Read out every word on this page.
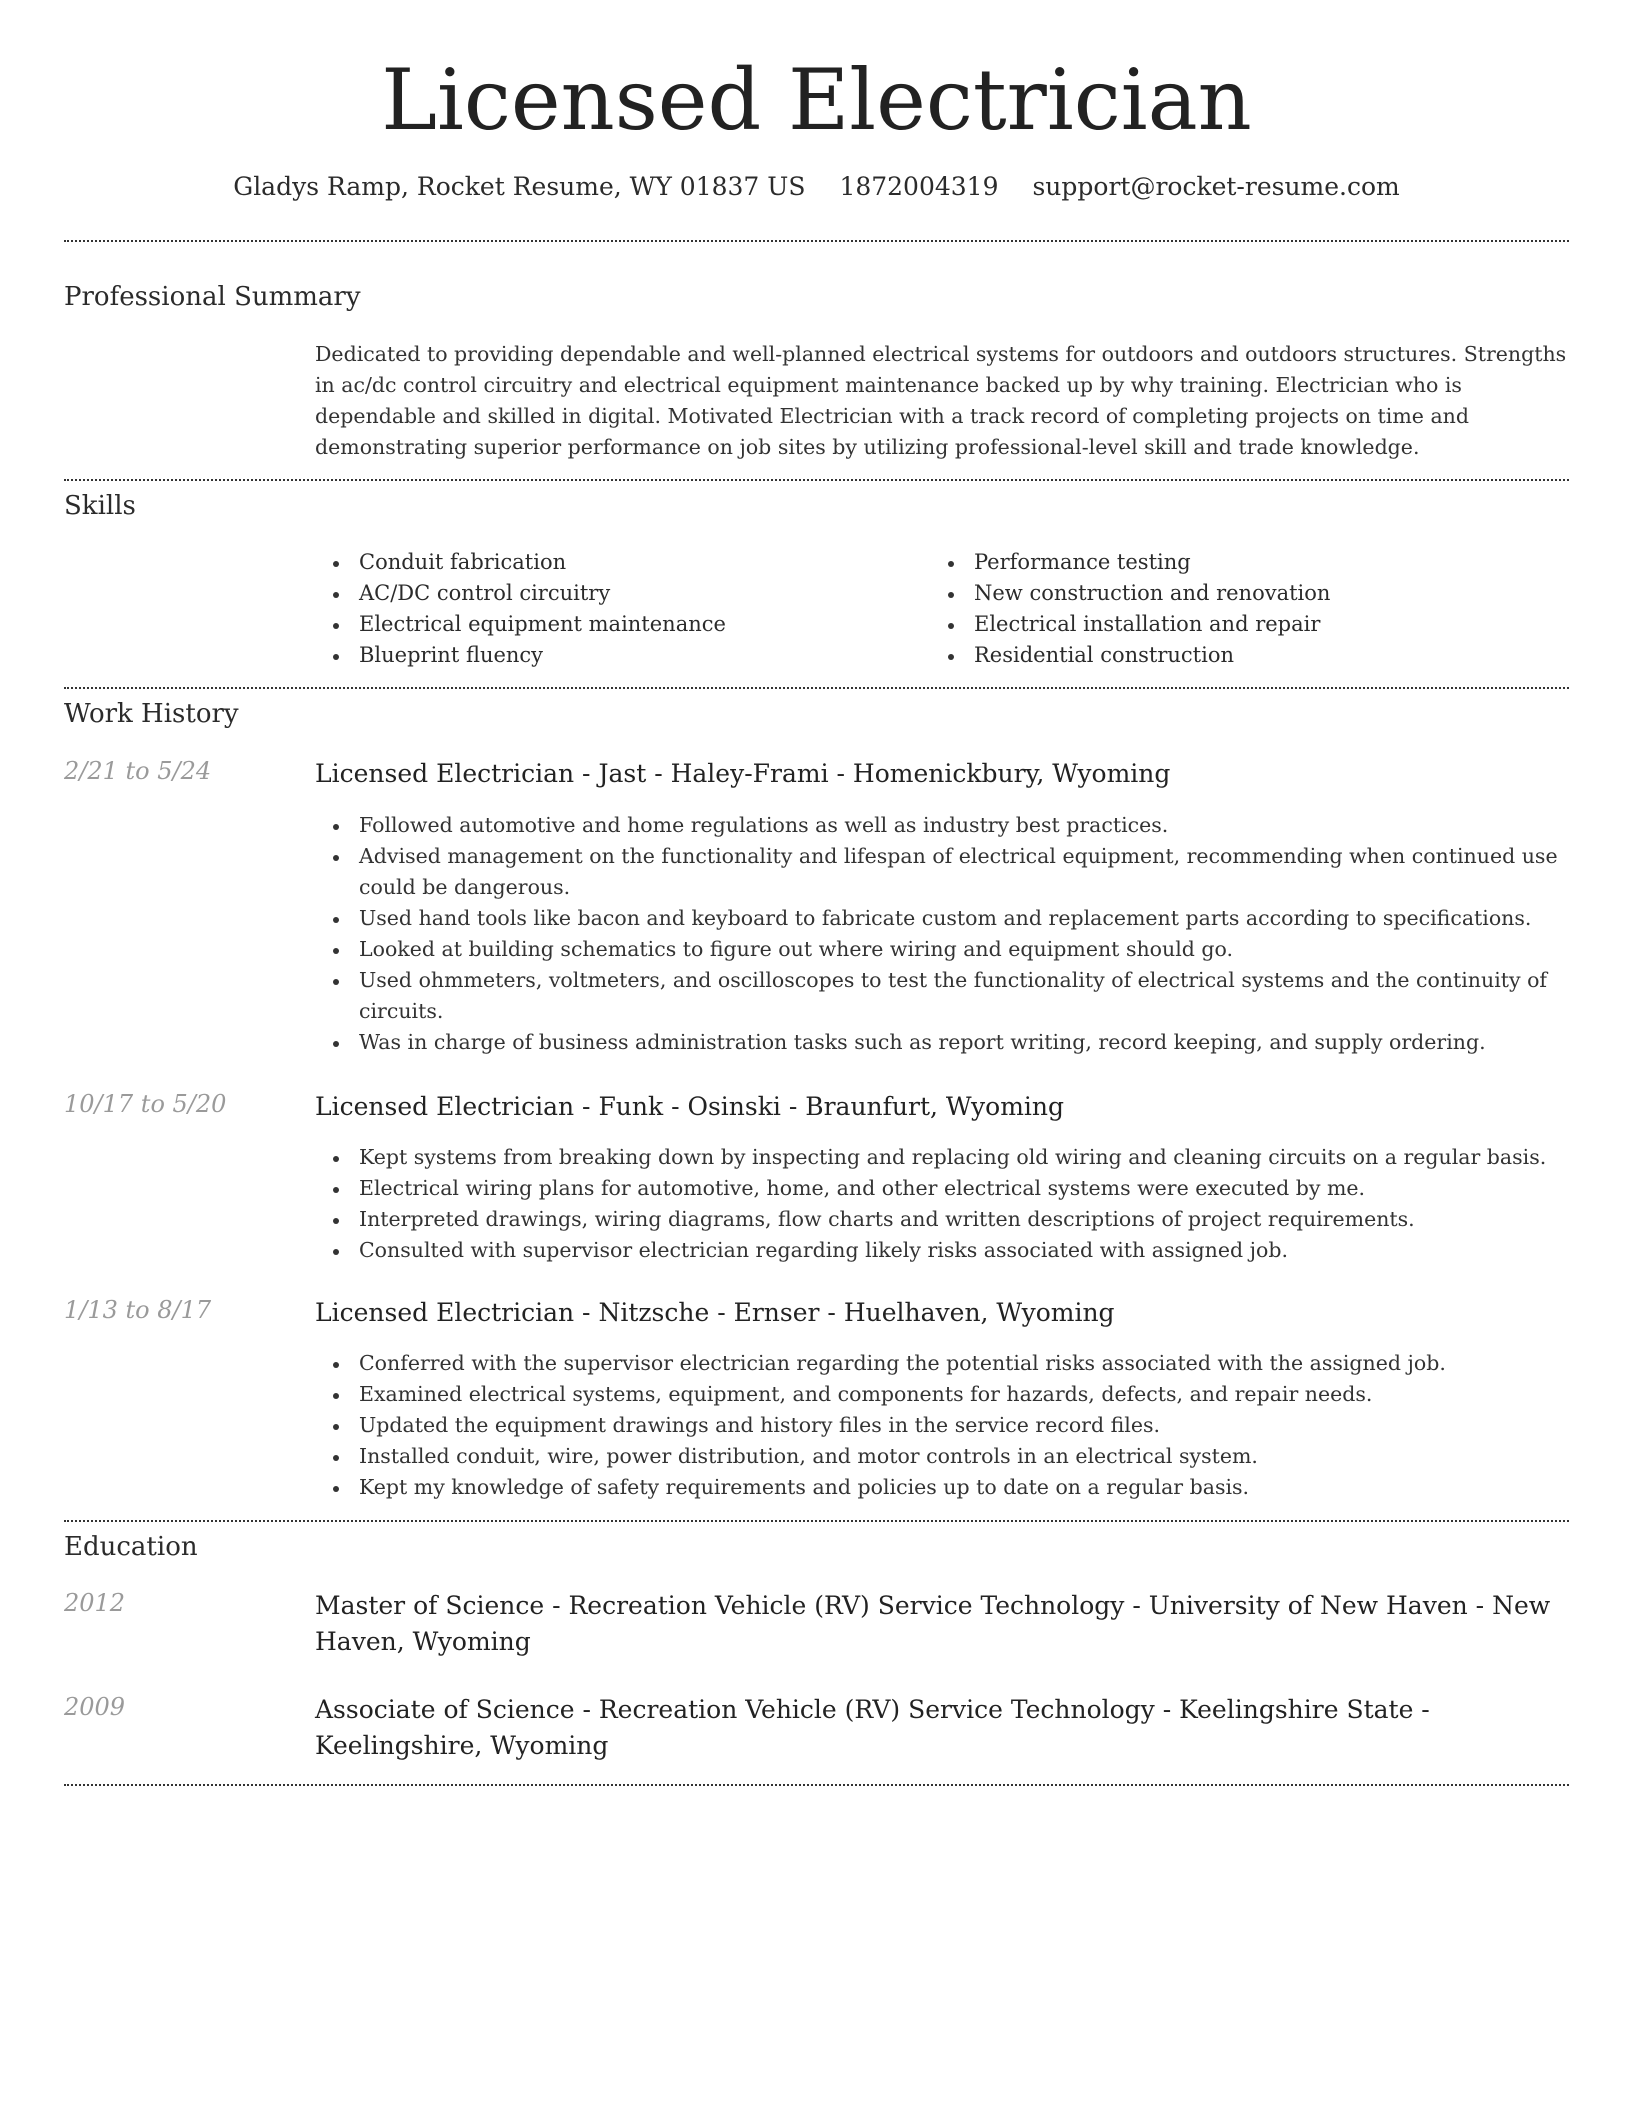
Licensed Electrician
Gladys Ramp, Rocket Resume, WY 01837 US 1872004319 support@rocket-resume.com
Professional Summary
Dedicated to providing dependable and well-planned electrical systems for outdoors and outdoors structures. Strengths in ac/dc control circuitry and electrical equipment maintenance backed up by why training. Electrician who is dependable and skilled in digital. Motivated Electrician with a track record of completing projects on time and demonstrating superior performance on job sites by utilizing professional-level skill and trade knowledge.
Skills
Conduit fabrication
AC/DC control circuitry
Electrical equipment maintenance
Blueprint fluency
Performance testing
New construction and renovation
Electrical installation and repair
Residential construction
Work History
2/21 to 5/24	Licensed Electrician - Jast - Haley-Frami - Homenickbury, Wyoming
Followed automotive and home regulations as well as industry best practices.
Advised management on the functionality and lifespan of electrical equipment, recommending when continued use could be dangerous.
Used hand tools like bacon and keyboard to fabricate custom and replacement parts according to specifications.
Looked at building schematics to figure out where wiring and equipment should go.
Used ohmmeters, voltmeters, and oscilloscopes to test the functionality of electrical systems and the continuity of circuits.
Was in charge of business administration tasks such as report writing, record keeping, and supply ordering.
10/17 to 5/20	Licensed Electrician - Funk - Osinski - Braunfurt, Wyoming
Kept systems from breaking down by inspecting and replacing old wiring and cleaning circuits on a regular basis.
Electrical wiring plans for automotive, home, and other electrical systems were executed by me.
Interpreted drawings, wiring diagrams, flow charts and written descriptions of project requirements.
Consulted with supervisor electrician regarding likely risks associated with assigned job.
1/13 to 8/17	Licensed Electrician - Nitzsche - Ernser - Huelhaven, Wyoming
Conferred with the supervisor electrician regarding the potential risks associated with the assigned job.
Examined electrical systems, equipment, and components for hazards, defects, and repair needs.
Updated the equipment drawings and history files in the service record files.
Installed conduit, wire, power distribution, and motor controls in an electrical system.
Kept my knowledge of safety requirements and policies up to date on a regular basis.
Education
2012	Master of Science - Recreation Vehicle (RV) Service Technology - University of New Haven - New Haven, Wyoming
2009	Associate of Science - Recreation Vehicle (RV) Service Technology - Keelingshire State - Keelingshire, Wyoming
